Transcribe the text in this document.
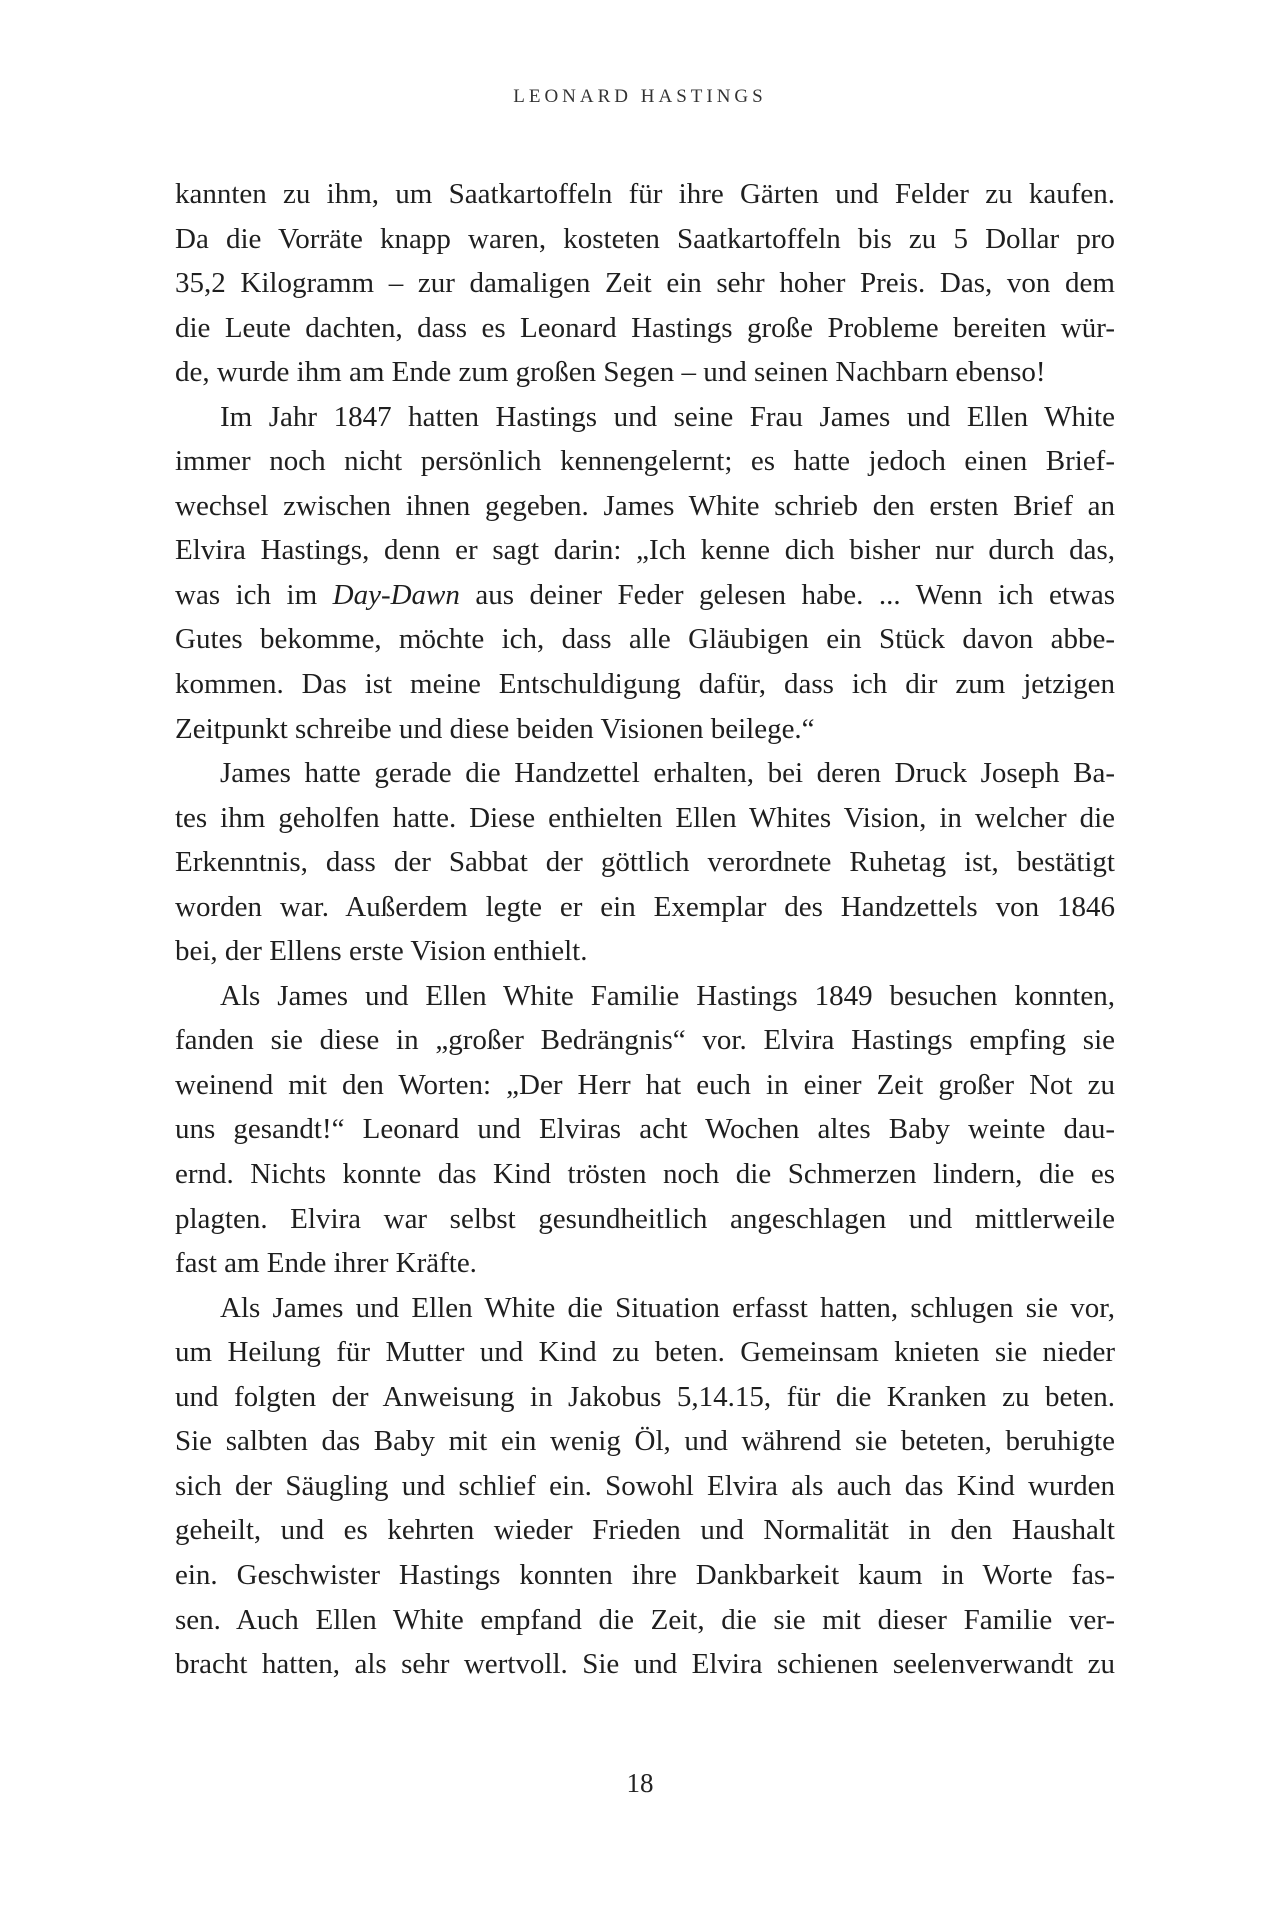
LEONARD HASTINGS
kannten zu ihm, um Saatkartoffeln für ihre Gärten und Felder zu kaufen.
Da die Vorräte knapp waren, kosteten Saatkartoffeln bis zu 5 Dollar pro
35,2 Kilogramm – zur damaligen Zeit ein sehr hoher Preis. Das, von dem
die Leute dachten, dass es Leonard Hastings große Probleme bereiten wür-
de, wurde ihm am Ende zum großen Segen – und seinen Nachbarn ebenso!
Im Jahr 1847 hatten Hastings und seine Frau James und Ellen White
immer noch nicht persönlich kennengelernt; es hatte jedoch einen Brief-
wechsel zwischen ihnen gegeben. James White schrieb den ersten Brief an
Elvira Hastings, denn er sagt darin: „Ich kenne dich bisher nur durch das,
was ich im Day-Dawn aus deiner Feder gelesen habe. ... Wenn ich etwas
Gutes bekomme, möchte ich, dass alle Gläubigen ein Stück davon abbe-
kommen. Das ist meine Entschuldigung dafür, dass ich dir zum jetzigen
Zeitpunkt schreibe und diese beiden Visionen beilege.“
James hatte gerade die Handzettel erhalten, bei deren Druck Joseph Ba-
tes ihm geholfen hatte. Diese enthielten Ellen Whites Vision, in welcher die
Erkenntnis, dass der Sabbat der göttlich verordnete Ruhetag ist, bestätigt
worden war. Außerdem legte er ein Exemplar des Handzettels von 1846
bei, der Ellens erste Vision enthielt.
Als James und Ellen White Familie Hastings 1849 besuchen konnten,
fanden sie diese in „großer Bedrängnis“ vor. Elvira Hastings empfing sie
weinend mit den Worten: „Der Herr hat euch in einer Zeit großer Not zu
uns gesandt!“ Leonard und Elviras acht Wochen altes Baby weinte dau-
ernd. Nichts konnte das Kind trösten noch die Schmerzen lindern, die es
plagten. Elvira war selbst gesundheitlich angeschlagen und mittlerweile
fast am Ende ihrer Kräfte.
Als James und Ellen White die Situation erfasst hatten, schlugen sie vor,
um Heilung für Mutter und Kind zu beten. Gemeinsam knieten sie nieder
und folgten der Anweisung in Jakobus 5,14.15, für die Kranken zu beten.
Sie salbten das Baby mit ein wenig Öl, und während sie beteten, beruhigte
sich der Säugling und schlief ein. Sowohl Elvira als auch das Kind wurden
geheilt, und es kehrten wieder Frieden und Normalität in den Haushalt
ein. Geschwister Hastings konnten ihre Dankbarkeit kaum in Worte fas-
sen. Auch Ellen White empfand die Zeit, die sie mit dieser Familie ver-
bracht hatten, als sehr wertvoll. Sie und Elvira schienen seelenverwandt zu
18
